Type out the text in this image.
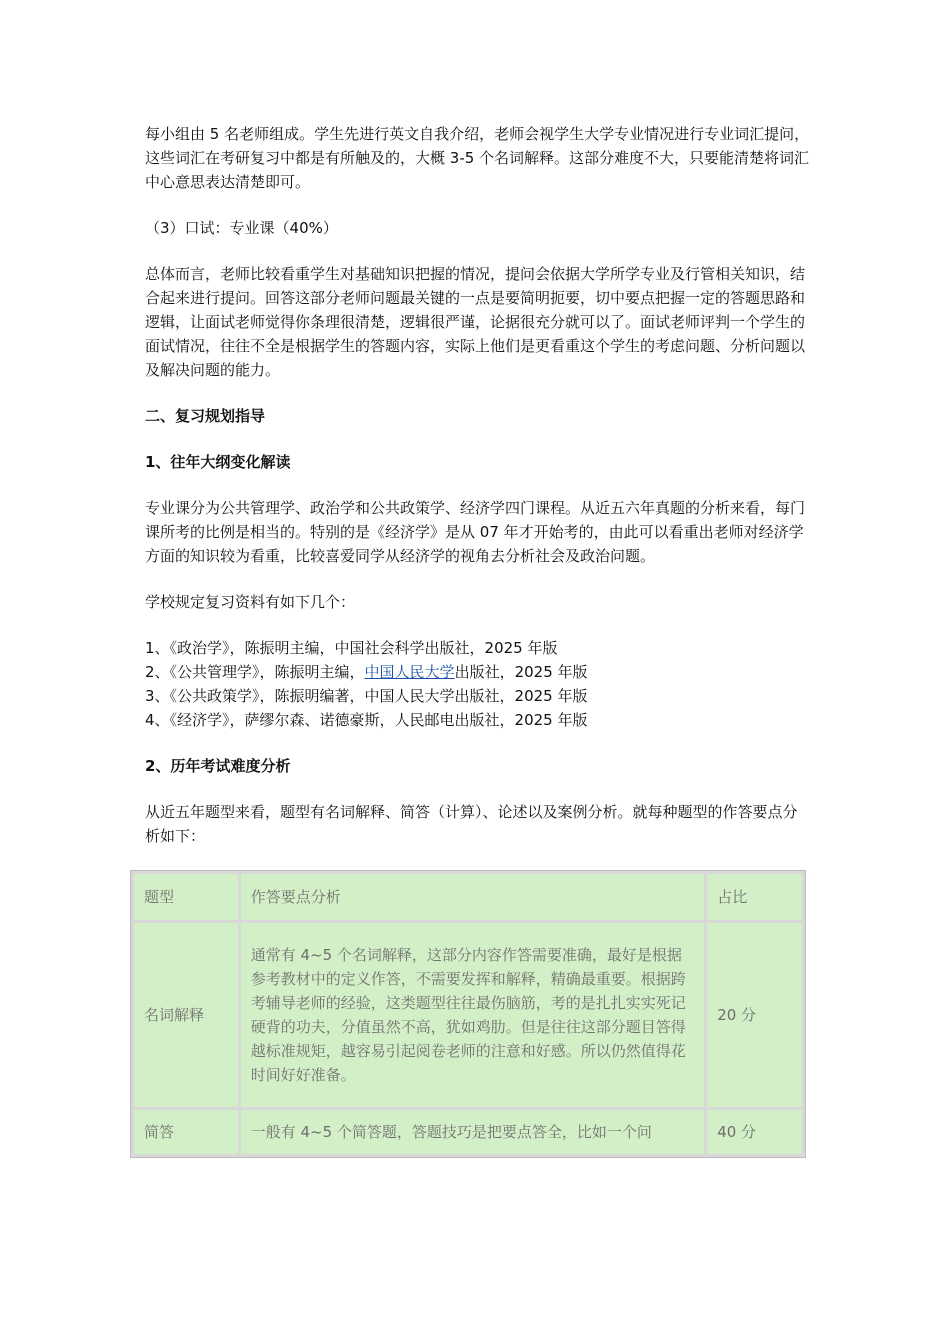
每小组由 5 名老师组成。学生先进行英文自我介绍，老师会视学生大学专业情况进行专业词汇提问，这些词汇在考研复习中都是有所触及的，大概 3-5 个名词解释。这部分难度不大，只要能清楚将词汇中心意思表达清楚即可。

（3）口试：专业课（40%）

总体而言，老师比较看重学生对基础知识把握的情况，提问会依据大学所学专业及行管相关知识，结合起来进行提问。回答这部分老师问题最关键的一点是要简明扼要，切中要点把握一定的答题思路和逻辑，让面试老师觉得你条理很清楚，逻辑很严谨，论据很充分就可以了。面试老师评判一个学生的面试情况，往往不全是根据学生的答题内容，实际上他们是更看重这个学生的考虑问题、分析问题以及解决问题的能力。

二、复习规划指导
1、往年大纲变化解读

专业课分为公共管理学、政治学和公共政策学、经济学四门课程。从近五六年真题的分析来看，每门课所考的比例是相当的。特别的是《经济学》是从 07 年才开始考的，由此可以看重出老师对经济学方面的知识较为看重，比较喜爱同学从经济学的视角去分析社会及政治问题。

学校规定复习资料有如下几个：

1、《政治学》，陈振明主编，中国社会科学出版社，2025 年版

2、《公共管理学》，陈振明主编，中国人民大学出版社，2025 年版

3、《公共政策学》，陈振明编著，中国人民大学出版社，2025 年版

4、《经济学》，萨缪尔森、诺德豪斯，人民邮电出版社，2025 年版

2、历年考试难度分析

从近五年题型来看，题型有名词解释、简答（计算）、论述以及案例分析。就每种题型的作答要点分析如下：

题型	作答要点分析	占比
名词解释	通常有 4~5 个名词解释，这部分内容作答需要准确，最好是根据参考教材中的定义作答，不需要发挥和解释，精确最重要。根据跨考辅导老师的经验，这类题型往往最伤脑筋，考的是扎扎实实死记硬背的功夫，分值虽然不高，犹如鸡肋。但是往往这部分题目答得越标准规矩，越容易引起阅卷老师的注意和好感。所以仍然值得花时间好好准备。	20 分
简答	一般有 4~5 个简答题，答题技巧是把要点答全，比如一个问	40 分
